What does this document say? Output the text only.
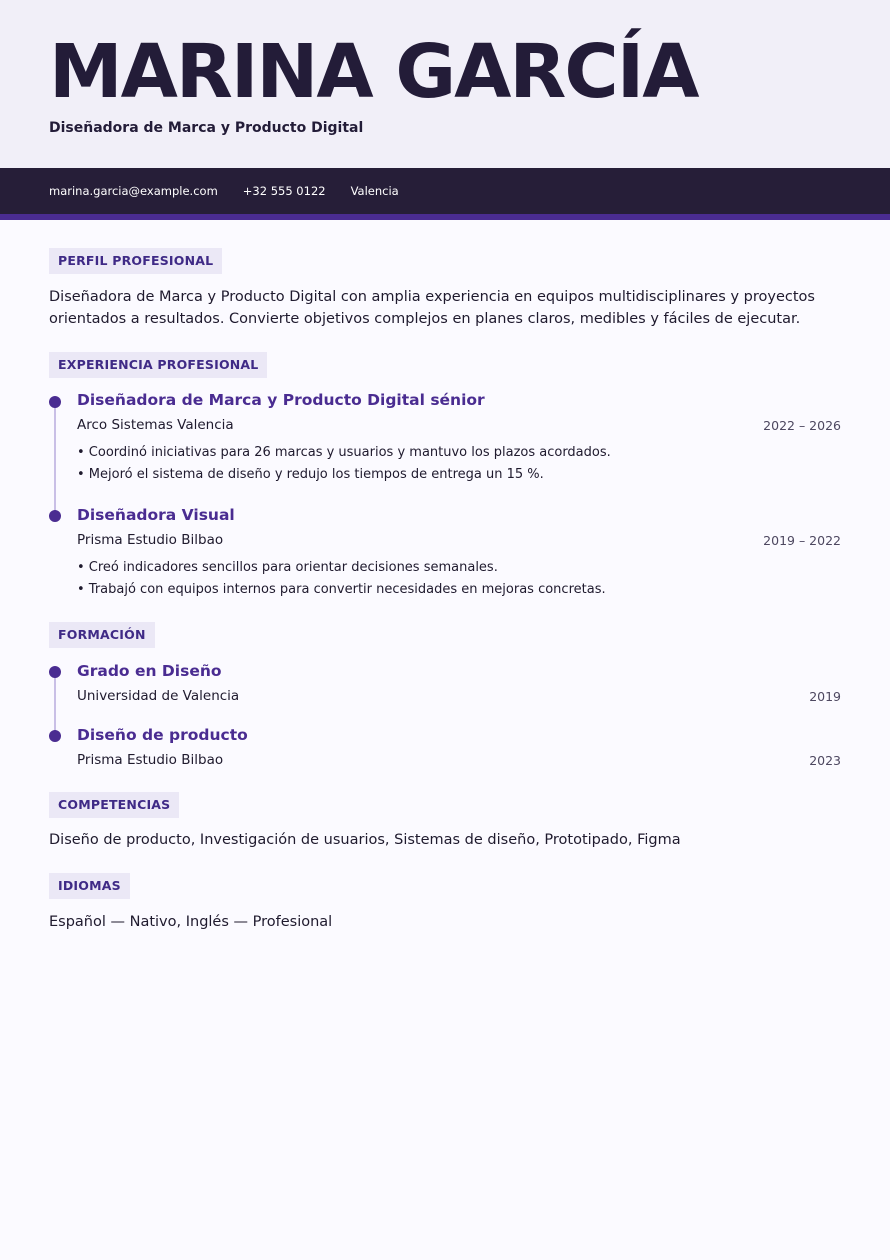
MARINA GARCÍA
Diseñadora de Marca y Producto Digital
marina.garcia@example.com +32 555 0122 Valencia
PERFIL PROFESIONAL
Diseñadora de Marca y Producto Digital con amplia experiencia en equipos multidisciplinares y proyectos orientados a resultados. Convierte objetivos complejos en planes claros, medibles y fáciles de ejecutar.
EXPERIENCIA PROFESIONAL
Diseñadora de Marca y Producto Digital sénior
Arco Sistemas Valencia	2022 – 2026
• Coordinó iniciativas para 26 marcas y usuarios y mantuvo los plazos acordados.
• Mejoró el sistema de diseño y redujo los tiempos de entrega un 15 %.
Diseñadora Visual
Prisma Estudio Bilbao	2019 – 2022
• Creó indicadores sencillos para orientar decisiones semanales.
• Trabajó con equipos internos para convertir necesidades en mejoras concretas.
FORMACIÓN
Grado en Diseño
Universidad de Valencia	2019
Diseño de producto
Prisma Estudio Bilbao	2023
COMPETENCIAS
Diseño de producto, Investigación de usuarios, Sistemas de diseño, Prototipado, Figma
IDIOMAS
Español — Nativo, Inglés — Profesional
